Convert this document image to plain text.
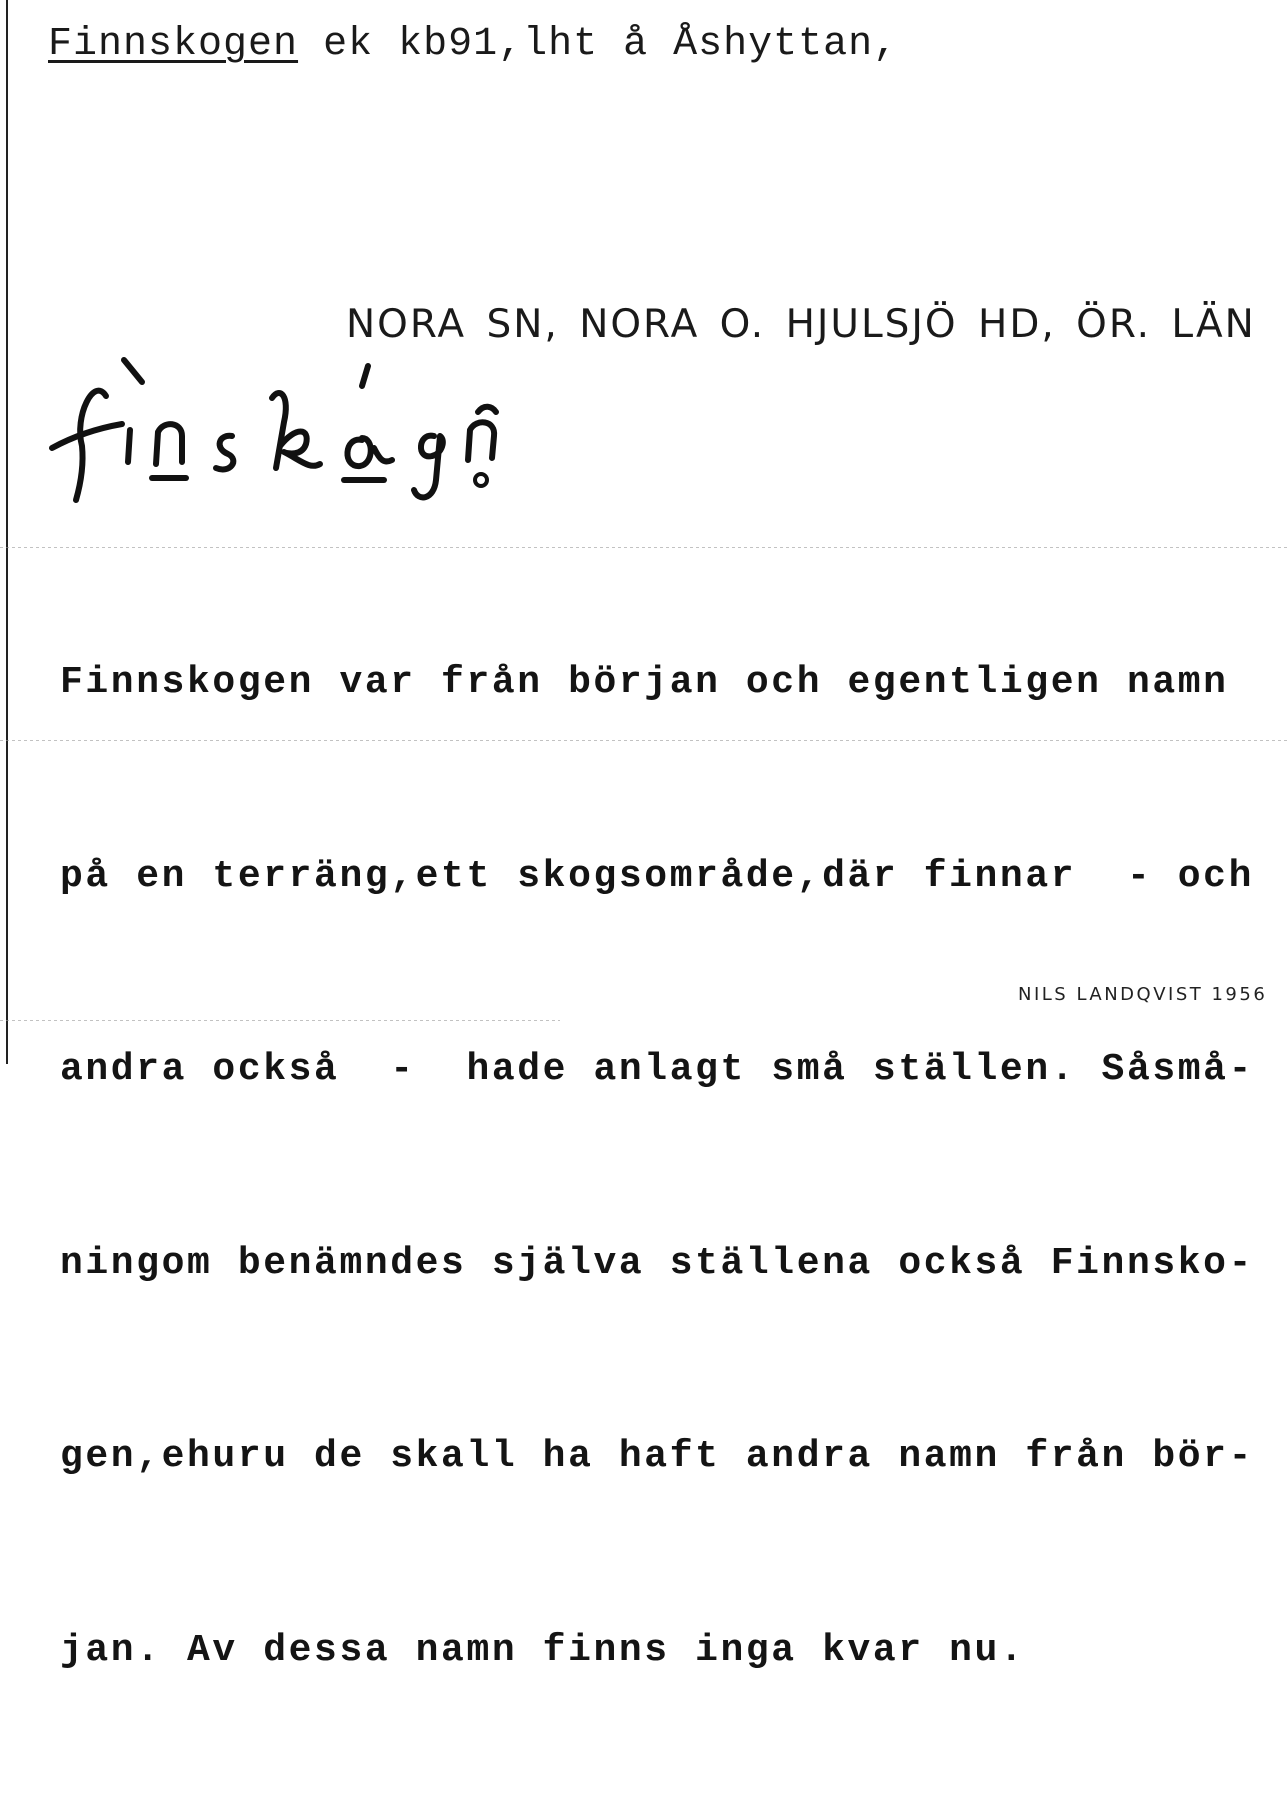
Finnskogen ek kb91,lht å Åshyttan,
NORA SN, NORA O. HJULSJÖ HD, ÖR. LÄN

Finnskogen var från början och egentligen namn

på en terräng,ett skogsområde,där finnar  - och

andra också  -  hade anlagt små ställen. Såsmå-

ningom benämndes själva ställena också Finnsko-

gen,ehuru de skall ha haft andra namn från bör-

jan. Av dessa namn finns inga kvar nu.

NILS LANDQVIST 1956
